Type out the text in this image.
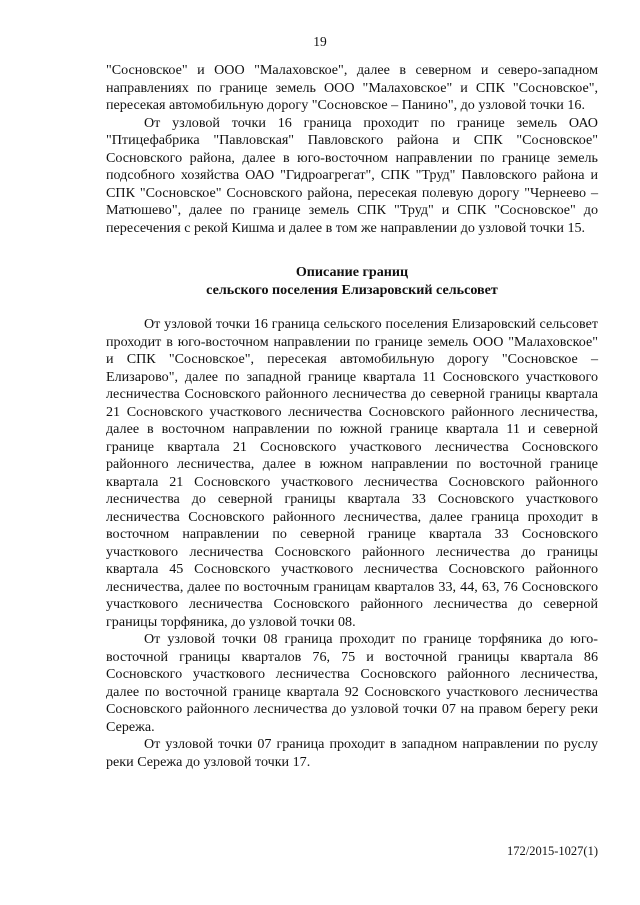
19

"Сосновское" и ООО "Малаховское", далее в северном и северо-западном направлениях по границе земель ООО "Малаховское" и СПК "Сосновское", пересекая автомобильную дорогу "Сосновское – Панино", до узловой точки 16.

От узловой точки 16 граница проходит по границе земель ОАО "Птицефабрика "Павловская" Павловского района и СПК "Сосновское" Сосновского района, далее в юго-восточном направлении по границе земель подсобного хозяйства ОАО "Гидроагрегат", СПК "Труд" Павловского района и СПК "Сосновское" Сосновского района, пересекая полевую дорогу "Чернеево – Матюшево", далее по границе земель СПК "Труд" и СПК "Сосновское" до пересечения с рекой Кишма и далее в том же направлении до узловой точки 15.

Описание границ
сельского поселения Елизаровский сельсовет

От узловой точки 16 граница сельского поселения Елизаровский сельсовет проходит в юго-восточном направлении по границе земель ООО "Малаховское" и СПК "Сосновское", пересекая автомобильную дорогу "Сосновское – Елизарово", далее по западной границе квартала 11 Сосновского участкового лесничества Сосновского районного лесничества до северной границы квартала 21 Сосновского участкового лесничества Сосновского районного лесничества, далее в восточном направлении по южной границе квартала 11 и северной границе квартала 21 Сосновского участкового лесничества Сосновского районного лесничества, далее в южном направлении по восточной границе квартала 21 Сосновского участкового лесничества Сосновского районного лесничества до северной границы квартала 33 Сосновского участкового лесничества Сосновского районного лесничества, далее граница проходит в восточном направлении по северной границе квартала 33 Сосновского участкового лесничества Сосновского районного лесничества до границы квартала 45 Сосновского участкового лесничества Сосновского районного лесничества, далее по восточным границам кварталов 33, 44, 63, 76 Сосновского участкового лесничества Сосновского районного лесничества до северной границы торфяника, до узловой точки 08.

От узловой точки 08 граница проходит по границе торфяника до юго-восточной границы кварталов 76, 75 и восточной границы квартала 86 Сосновского участкового лесничества Сосновского районного лесничества, далее по восточной границе квартала 92 Сосновского участкового лесничества Сосновского районного лесничества до узловой точки 07 на правом берегу реки Сережа.

От узловой точки 07 граница проходит в западном направлении по руслу реки Сережа до узловой точки 17.

172/2015-1027(1)
